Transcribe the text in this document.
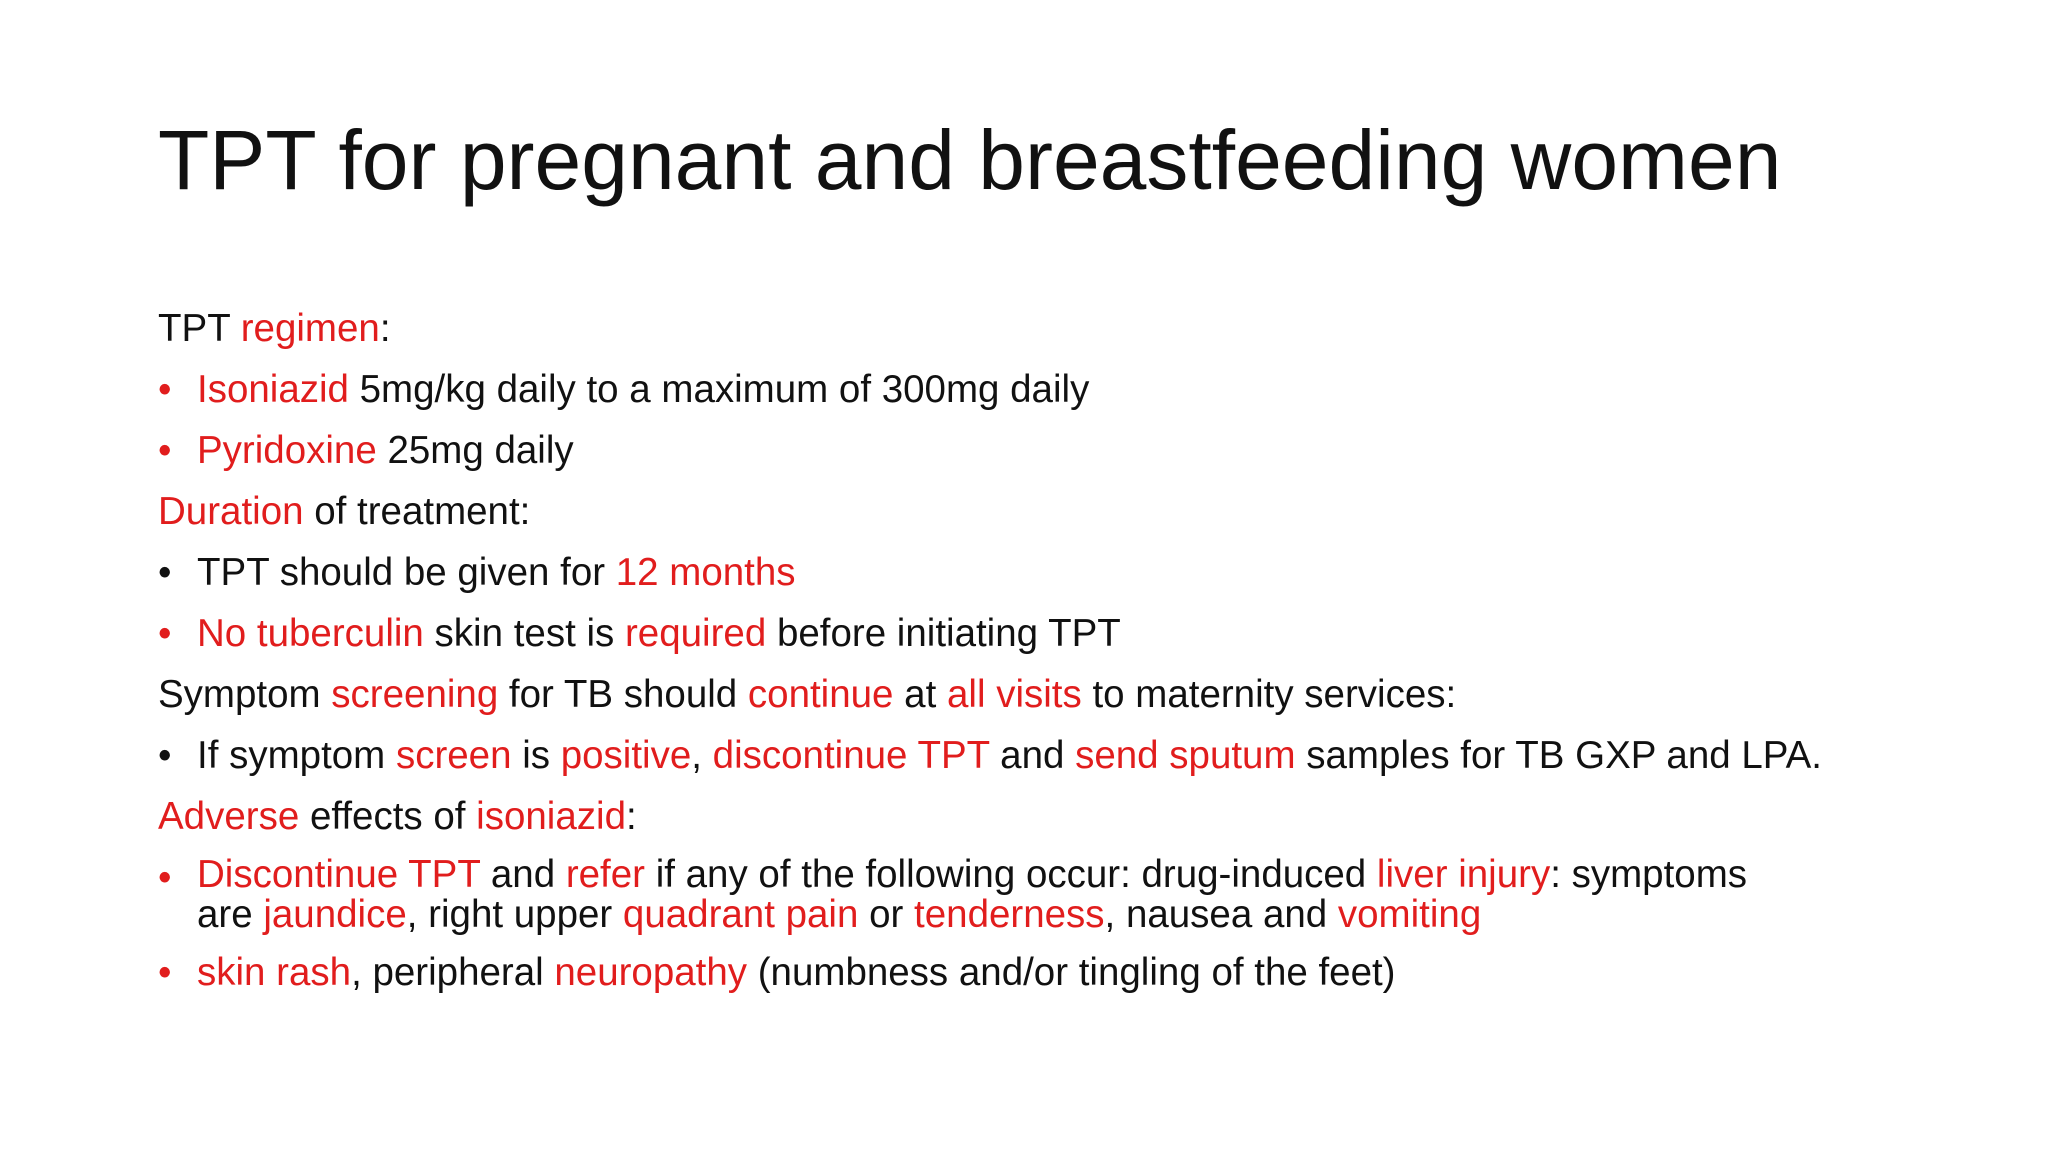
TPT for pregnant and breastfeeding women
TPT regimen:
• Isoniazid 5mg/kg daily to a maximum of 300mg daily
• Pyridoxine 25mg daily
Duration of treatment:
• TPT should be given for 12 months
• No tuberculin skin test is required before initiating TPT
Symptom screening for TB should continue at all visits to maternity services:
• If symptom screen is positive, discontinue TPT and send sputum samples for TB GXP and LPA.
Adverse effects of isoniazid:
• Discontinue TPT and refer if any of the following occur: drug-induced liver injury: symptoms
are jaundice, right upper quadrant pain or tenderness, nausea and vomiting
• skin rash, peripheral neuropathy (numbness and/or tingling of the feet)
